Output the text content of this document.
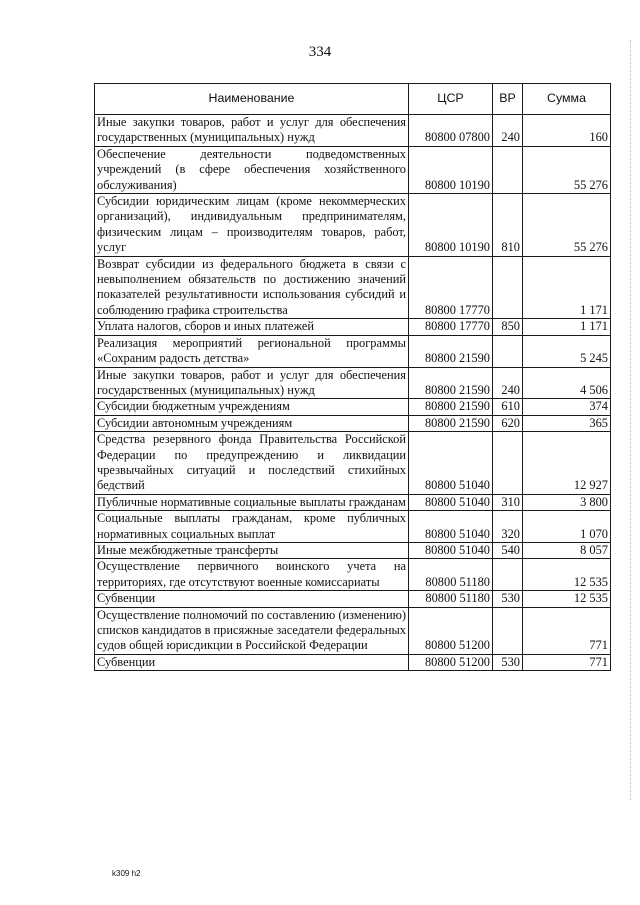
334
Наименование	ЦСР	ВР	Сумма
Иные закупки товаров, работ и услуг для обеспечения государственных (муниципальных) нужд	80800 07800	240	160
Обеспечение деятельности подведомственных учреждений (в сфере обеспечения хозяйственного обслуживания)	80800 10190		55 276
Субсидии юридическим лицам (кроме некоммерческих организаций), индивидуальным предпринимателям, физическим лицам – производителям товаров, работ, услуг	80800 10190	810	55 276
Возврат субсидии из федерального бюджета в связи с невыполнением обязательств по достижению значений показателей результативности использования субсидий и соблюдению графика строительства	80800 17770		1 171
Уплата налогов, сборов и иных платежей	80800 17770	850	1 171
Реализация мероприятий региональной программы «Сохраним радость детства»	80800 21590		5 245
Иные закупки товаров, работ и услуг для обеспечения государственных (муниципальных) нужд	80800 21590	240	4 506
Субсидии бюджетным учреждениям	80800 21590	610	374
Субсидии автономным учреждениям	80800 21590	620	365
Средства резервного фонда Правительства Российской Федерации по предупреждению и ликвидации чрезвычайных ситуаций и последствий стихийных бедствий	80800 51040		12 927
Публичные нормативные социальные выплаты гражданам	80800 51040	310	3 800
Социальные выплаты гражданам, кроме публичных нормативных социальных выплат	80800 51040	320	1 070
Иные межбюджетные трансферты	80800 51040	540	8 057
Осуществление первичного воинского учета на территориях, где отсутствуют военные комиссариаты	80800 51180		12 535
Субвенции	80800 51180	530	12 535
Осуществление полномочий по составлению (изменению) списков кандидатов в присяжные заседатели федеральных судов общей юрисдикции в Российской Федерации	80800 51200		771
Субвенции	80800 51200	530	771
k309 h2
